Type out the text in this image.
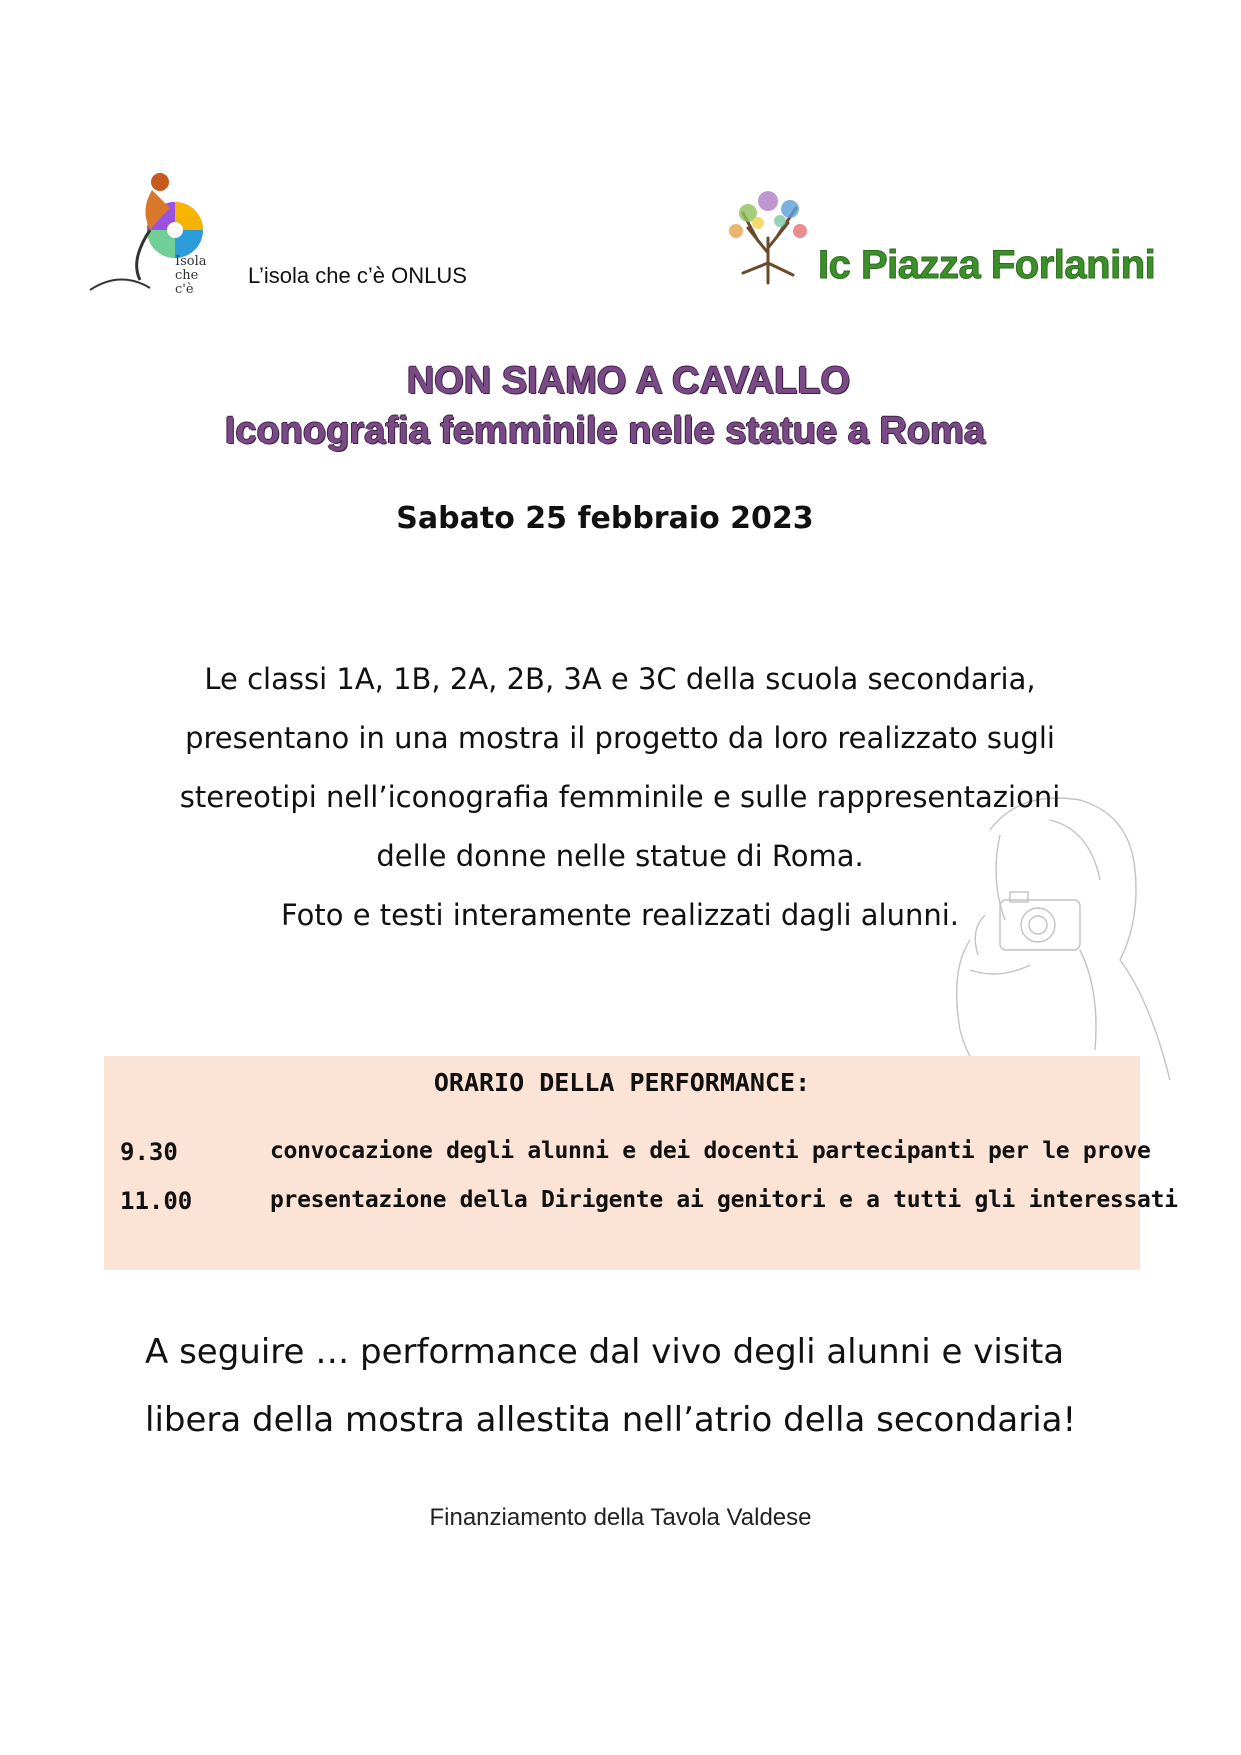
Isola che c'è
L’isola che c’è ONLUS	Ic Piazza Forlanini
NON SIAMO A CAVALLO
Iconografia femminile nelle statue a Roma
Sabato 25 febbraio 2023
Le classi 1A, 1B, 2A, 2B, 3A e 3C della scuola secondaria,
presentano in una mostra il progetto da loro realizzato sugli
stereotipi nell’iconografia femminile e sulle rappresentazioni
delle donne nelle statue di Roma.
Foto e testi interamente realizzati dagli alunni.
ORARIO DELLA PERFORMANCE:
9.30	convocazione degli alunni e dei docenti partecipanti per le prove
11.00	presentazione della Dirigente ai genitori e a tutti gli interessati
A seguire … performance dal vivo degli alunni e visita
libera della mostra allestita nell’atrio della secondaria!
Finanziamento della Tavola Valdese
